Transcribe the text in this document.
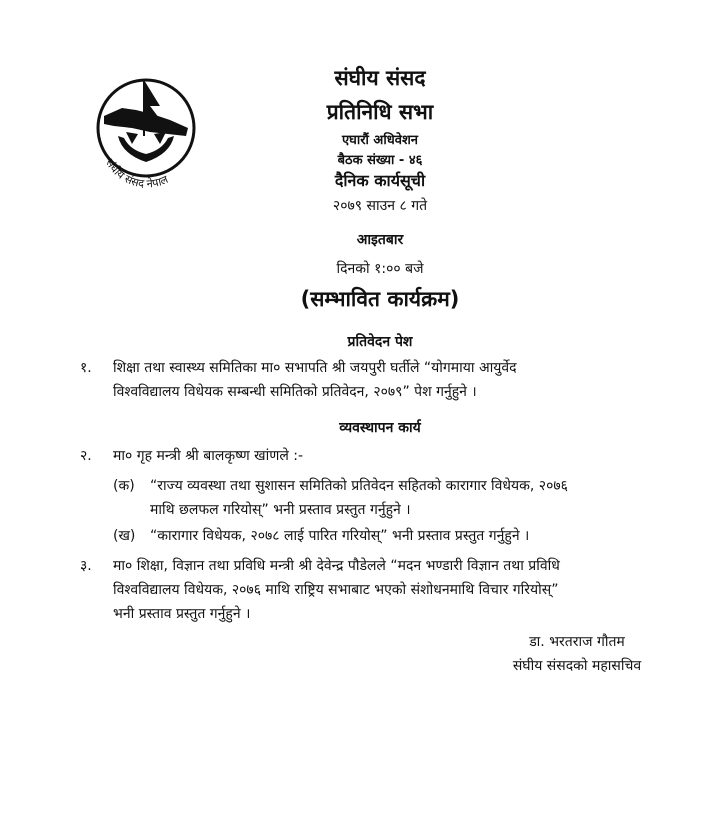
संघीय संसद नेपाल
संघीय संसद
प्रतिनिधि सभा
एघारौं अधिवेशन
बैठक संख्या - ४६
दैनिक कार्यसूची
२०७९ साउन ८ गते
आइतबार
दिनको १:०० बजे
(सम्भावित कार्यक्रम)
प्रतिवेदन पेश
१. शिक्षा तथा स्वास्थ्य समितिका मा० सभापति श्री जयपुरी घर्तीले “योगमाया आयुर्वेद
विश्वविद्यालय विधेयक सम्बन्धी समितिको प्रतिवेदन, २०७९” पेश गर्नुहुने ।
व्यवस्थापन कार्य
२. मा० गृह मन्त्री श्री बालकृष्ण खांणले :-
(क) “राज्य व्यवस्था तथा सुशासन समितिको प्रतिवेदन सहितको कारागार विधेयक, २०७६
माथि छलफल गरियोस्” भनी प्रस्ताव प्रस्तुत गर्नुहुने ।
(ख) “कारागार विधेयक, २०७८ लाई पारित गरियोस्” भनी प्रस्ताव प्रस्तुत गर्नुहुने ।
३. मा० शिक्षा, विज्ञान तथा प्रविधि मन्त्री श्री देवेन्द्र पौडेलले “मदन भण्डारी विज्ञान तथा प्रविधि
विश्वविद्यालय विधेयक, २०७६ माथि राष्ट्रिय सभाबाट भएको संशोधनमाथि विचार गरियोस्”
भनी प्रस्ताव प्रस्तुत गर्नुहुने ।
डा. भरतराज गौतम
संघीय संसदको महासचिव
